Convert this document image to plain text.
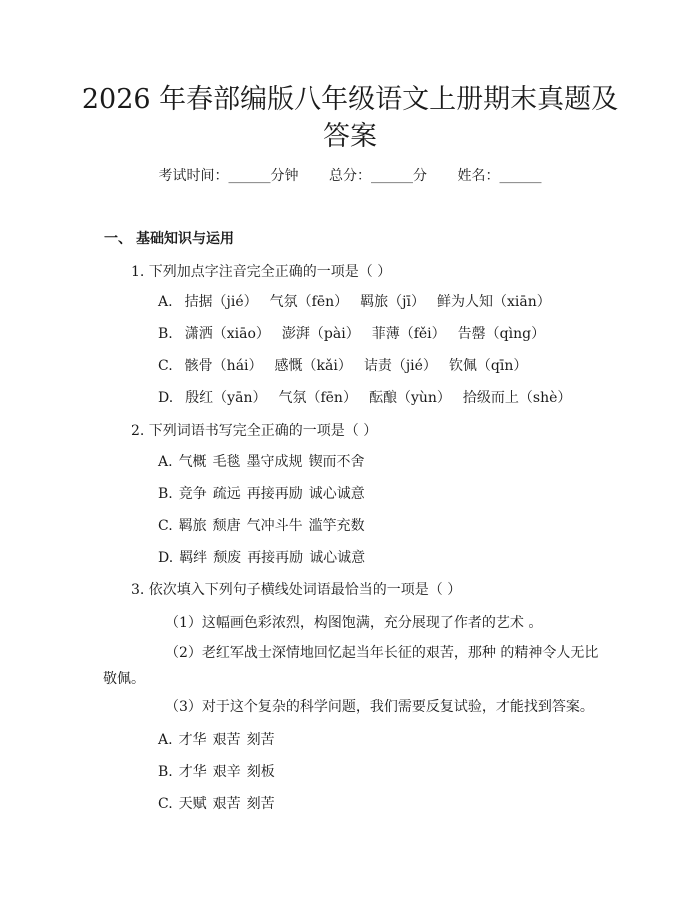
2026 年春部编版八年级语文上册期末真题及
答案
考试时间：______分钟 总分：______分 姓名：______
一、 基础知识与运用
1. 下列加点字注音完全正确的一项是（ ）
A. 拮据（jié） 气氛（fēn） 羁旅（jī） 鲜为人知（xiān）
B. 潇洒（xiāo） 澎湃（pài） 菲薄（fěi） 告罄（qìng）
C. 骸骨（hái） 感慨（kǎi） 诘责（jié） 钦佩（qīn）
D. 殷红（yān） 气氛（fēn） 酝酿（yùn） 拾级而上（shè）
2. 下列词语书写完全正确的一项是（ ）
A. 气概 毛毯 墨守成规 锲而不舍
B. 竞争 疏远 再接再励 诚心诚意
C. 羁旅 颓唐 气冲斗牛 滥竽充数
D. 羁绊 颓废 再接再励 诚心诚意
3. 依次填入下列句子横线处词语最恰当的一项是（ ）
（1）这幅画色彩浓烈，构图饱满，充分展现了作者的艺术 。
（2）老红军战士深情地回忆起当年长征的艰苦，那种 的精神令人无比敬佩。
（3）对于这个复杂的科学问题，我们需要反复试验，才能找到答案。
A. 才华 艰苦 刻苦
B. 才华 艰辛 刻板
C. 天赋 艰苦 刻苦
